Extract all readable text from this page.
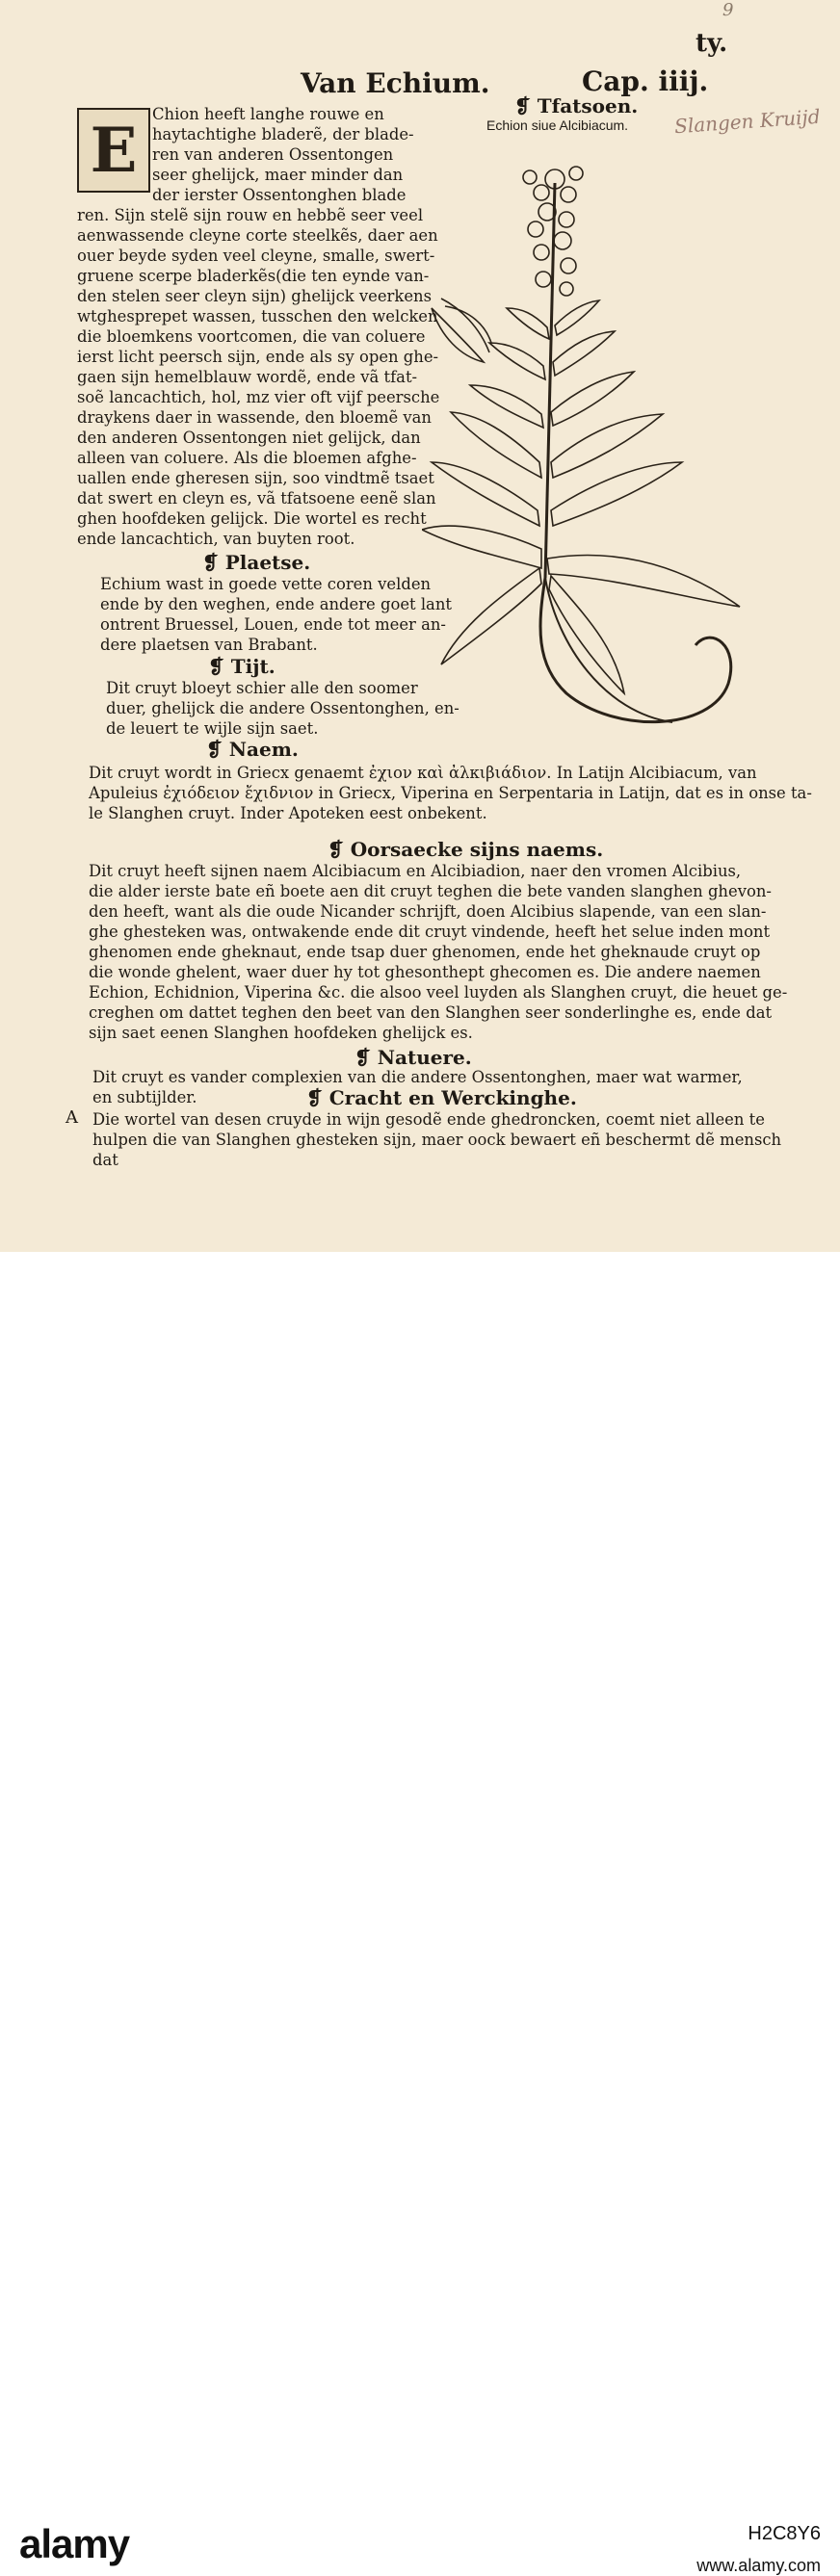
9
ty.
Van Echium.	Cap. iiij.
❡ Tfatsoen.
Echion siue Alcibiacum. Slangen Kruijd
E Chion heeft langhe rouwe en
haytachtighe bladerẽ, der blade-
ren van anderen Ossentongen
seer ghelijck, maer minder dan
der ierster Ossentonghen blade
ren. Sijn stelẽ sijn rouw en hebbẽ seer veel
aenwassende cleyne corte steelkẽs, daer aen
ouer beyde syden veel cleyne, smalle, swert-
gruene scerpe bladerkẽs(die ten eynde van-
den stelen seer cleyn sijn) ghelijck veerkens
wtghesprepet wassen, tusschen den welcken
die bloemkens voortcomen, die van coluere
ierst licht peersch sijn, ende als sy open ghe-
gaen sijn hemelblauw wordẽ, ende vã tfat-
soẽ lancachtich, hol, mz vier oft vijf peersche
draykens daer in wassende, den bloemẽ van
den anderen Ossentongen niet gelijck, dan
alleen van coluere. Als die bloemen afghe-
uallen ende gheresen sijn, soo vindtmẽ tsaet
dat swert en cleyn es, vã tfatsoene eenẽ slan
ghen hoofdeken gelijck. Die wortel es recht
ende lancachtich, van buyten root.
❡ Plaetse.
Echium wast in goede vette coren velden
ende by den weghen, ende andere goet lant
ontrent Bruessel, Louen, ende tot meer an-
dere plaetsen van Brabant.
❡ Tijt.
Dit cruyt bloeyt schier alle den soomer
duer, ghelijck die andere Ossentonghen, en-
de leuert te wijle sijn saet.
❡ Naem.
Dit cruyt wordt in Griecx genaemt ἐχιον καὶ ἀλκιβιάδιον. In Latijn Alcibiacum, van
Apuleius ἐχιόδειον ἔχιδνιον in Griecx, Viperina en Serpentaria in Latijn, dat es in onse ta-
le Slanghen cruyt. Inder Apoteken eest onbekent.
❡ Oorsaecke sijns naems.
Dit cruyt heeft sijnen naem Alcibiacum en Alcibiadion, naer den vromen Alcibius,
die alder ierste bate eñ boete aen dit cruyt teghen die bete vanden slanghen ghevon-
den heeft, want als die oude Nicander schrijft, doen Alcibius slapende, van een slan-
ghe ghesteken was, ontwakende ende dit cruyt vindende, heeft het selue inden mont
ghenomen ende gheknaut, ende tsap duer ghenomen, ende het gheknaude cruyt op
die wonde ghelent, waer duer hy tot ghesonthept ghecomen es. Die andere naemen
Echion, Echidnion, Viperina &c. die alsoo veel luyden als Slanghen cruyt, die heuet ge-
creghen om dattet teghen den beet van den Slanghen seer sonderlinghe es, ende dat
sijn saet eenen Slanghen hoofdeken ghelijck es.
❡ Natuere.
Dit cruyt es vander complexien van die andere Ossentonghen, maer wat warmer,
en subtijlder.	❡ Cracht en Werckinghe.
A Die wortel van desen cruyde in wijn gesodẽ ende ghedroncken, coemt niet alleen te
hulpen die van Slanghen ghesteken sijn, maer oock bewaert eñ beschermt dẽ mensch
dat
alamy	H2C8Y6
www.alamy.com
